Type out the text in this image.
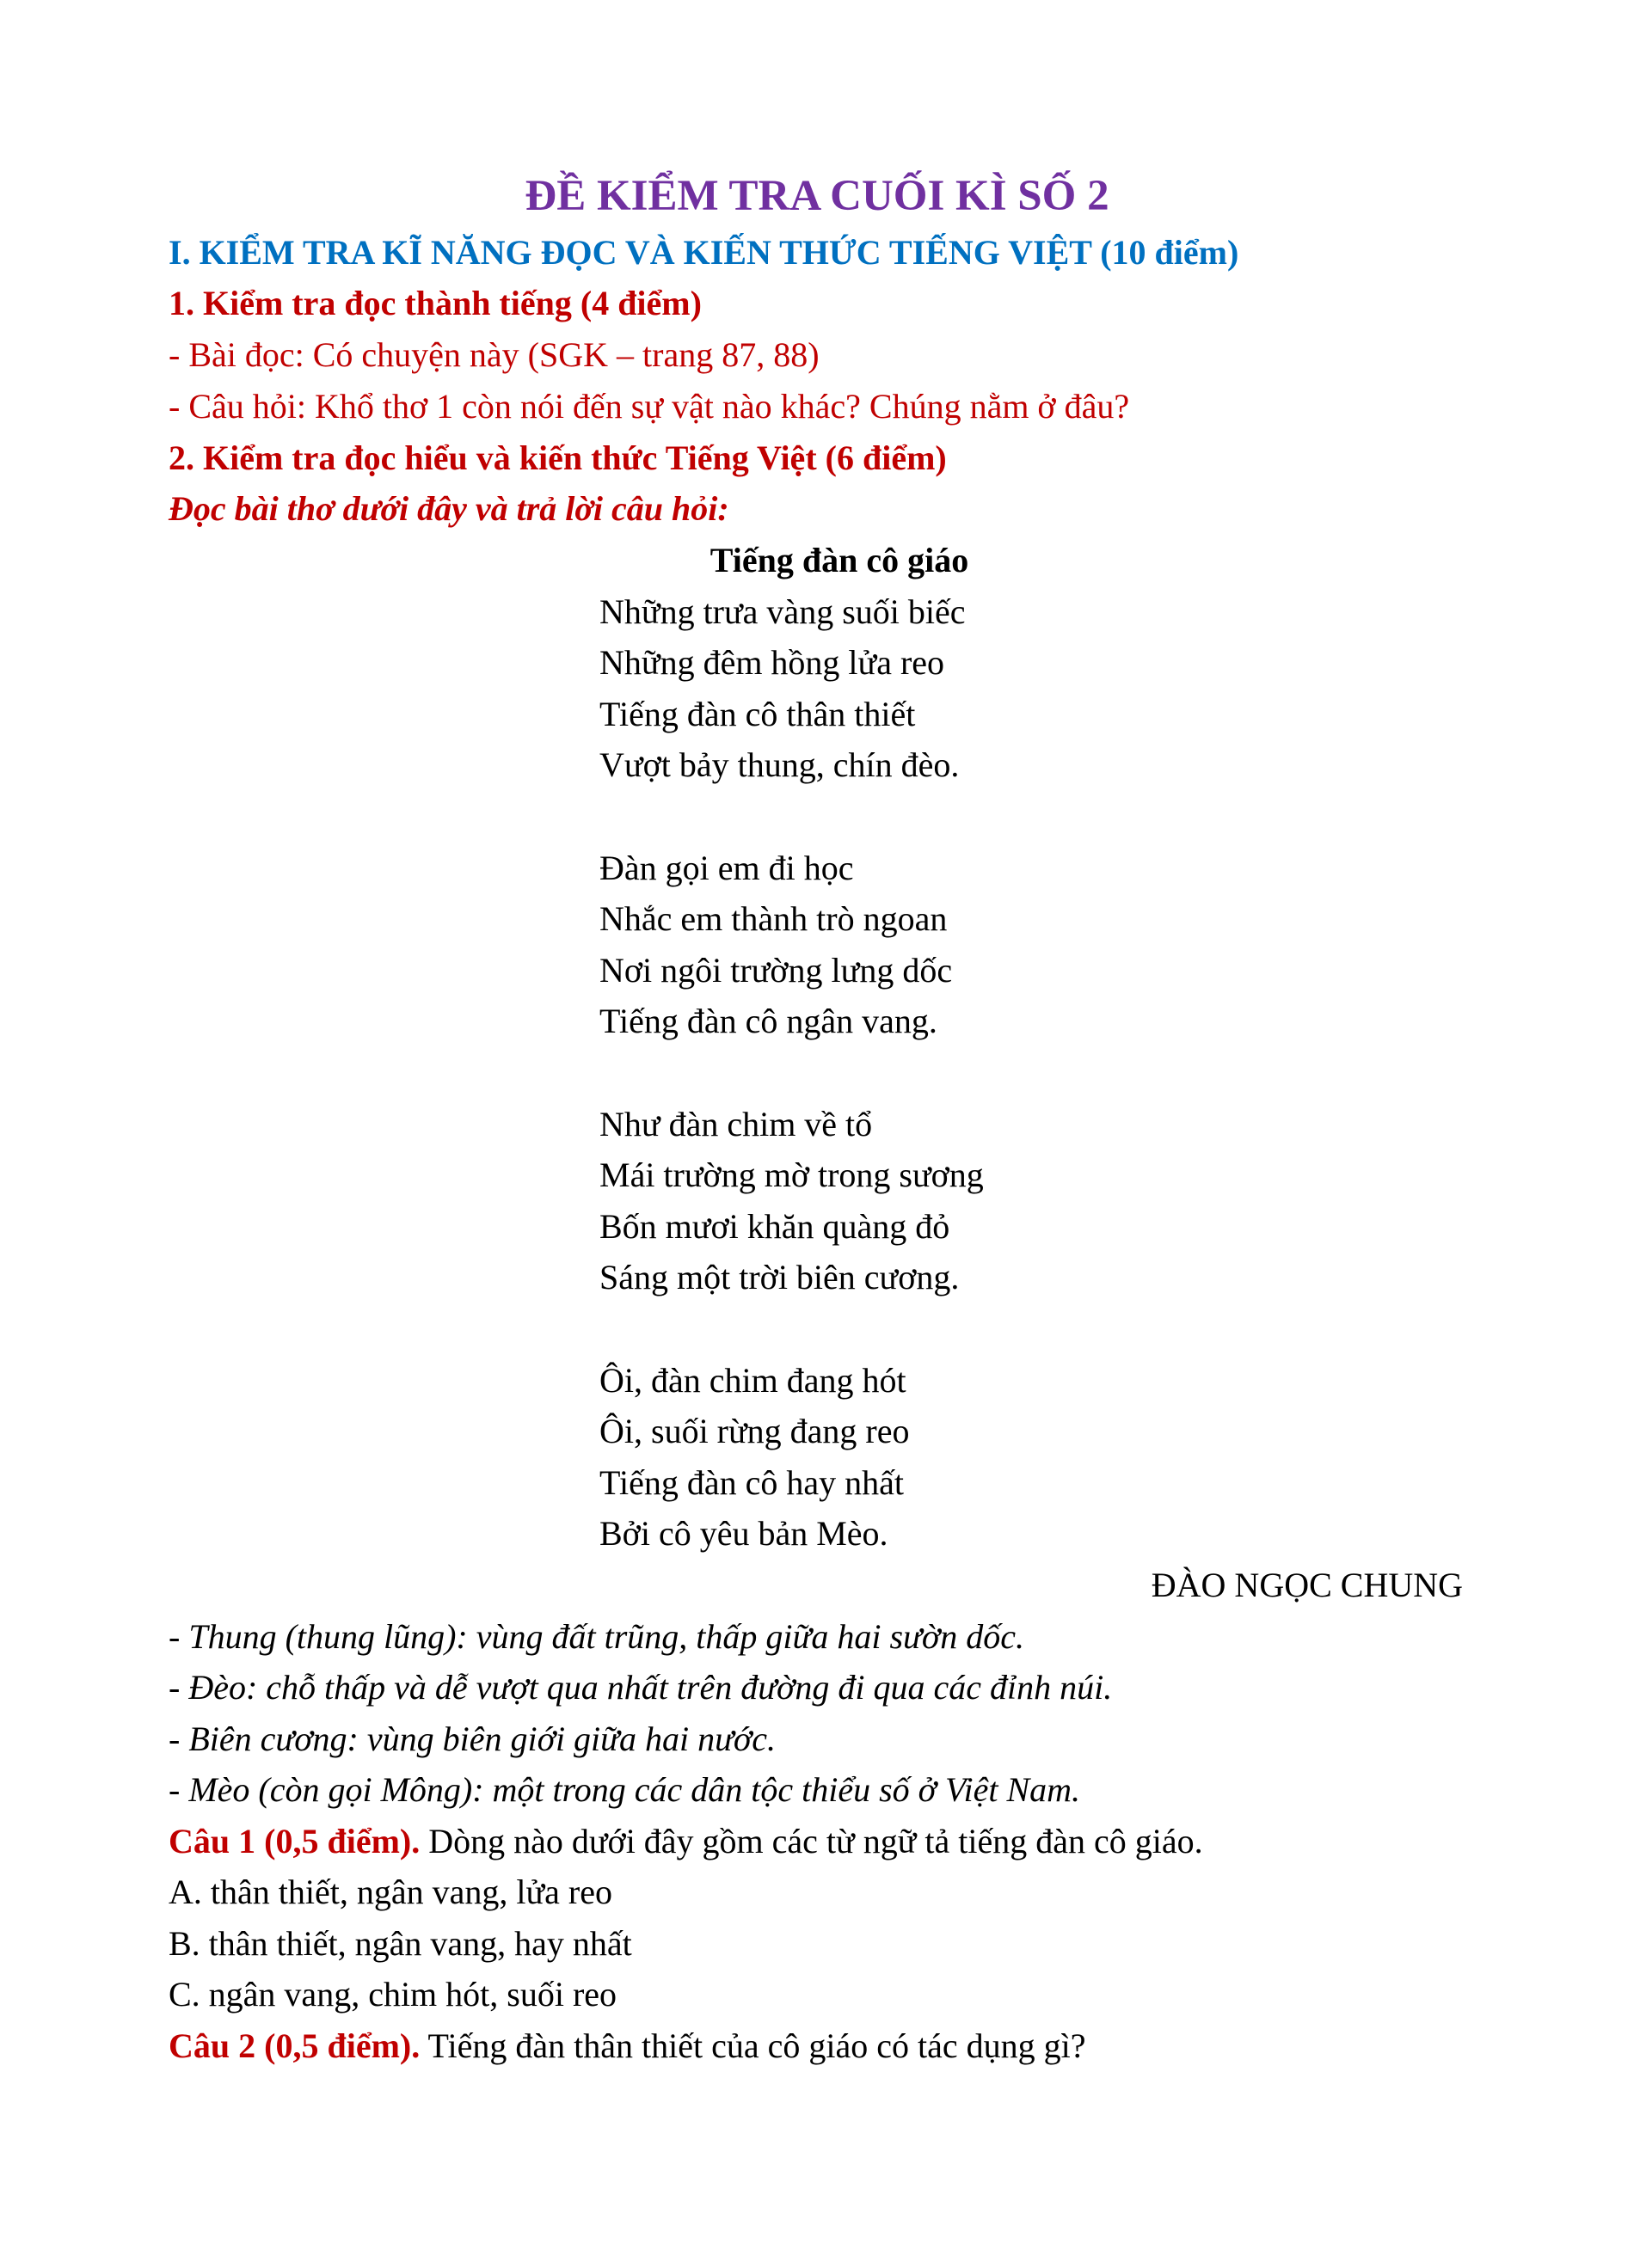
ĐỀ KIỂM TRA CUỐI KÌ SỐ 2
I. KIỂM TRA KĨ NĂNG ĐỌC VÀ KIẾN THỨC TIẾNG VIỆT (10 điểm)
1. Kiểm tra đọc thành tiếng (4 điểm)
- Bài đọc: Có chuyện này (SGK – trang 87, 88)
- Câu hỏi: Khổ thơ 1 còn nói đến sự vật nào khác? Chúng nằm ở đâu?
2. Kiểm tra đọc hiểu và kiến thức Tiếng Việt (6 điểm)
Đọc bài thơ dưới đây và trả lời câu hỏi:
Tiếng đàn cô giáo
Những trưa vàng suối biếc
Những đêm hồng lửa reo
Tiếng đàn cô thân thiết
Vượt bảy thung, chín đèo.
Đàn gọi em đi học
Nhắc em thành trò ngoan
Nơi ngôi trường lưng dốc
Tiếng đàn cô ngân vang.
Như đàn chim về tổ
Mái trường mờ trong sương
Bốn mươi khăn quàng đỏ
Sáng một trời biên cương.
Ôi, đàn chim đang hót
Ôi, suối rừng đang reo
Tiếng đàn cô hay nhất
Bởi cô yêu bản Mèo.
ĐÀO NGỌC CHUNG
- Thung (thung lũng): vùng đất trũng, thấp giữa hai sườn dốc.
- Đèo: chỗ thấp và dễ vượt qua nhất trên đường đi qua các đỉnh núi.
- Biên cương: vùng biên giới giữa hai nước.
- Mèo (còn gọi Mông): một trong các dân tộc thiểu số ở Việt Nam.
Câu 1 (0,5 điểm). Dòng nào dưới đây gồm các từ ngữ tả tiếng đàn cô giáo.
A. thân thiết, ngân vang, lửa reo
B. thân thiết, ngân vang, hay nhất
C. ngân vang, chim hót, suối reo
Câu 2 (0,5 điểm). Tiếng đàn thân thiết của cô giáo có tác dụng gì?
